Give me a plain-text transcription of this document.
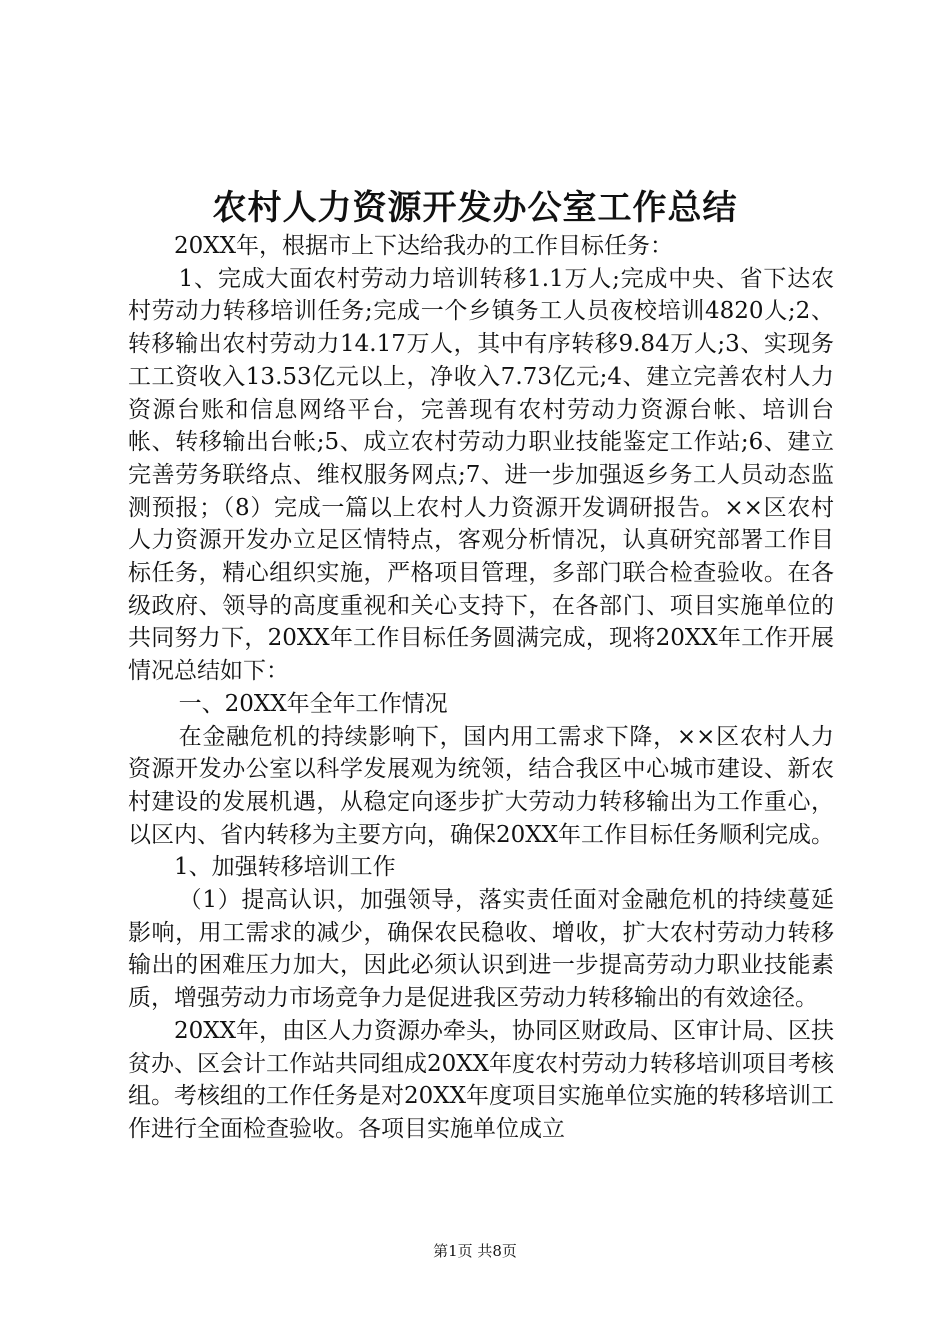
农村人力资源开发办公室工作总结

20XX年，根据市上下达给我办的工作目标任务：

1、完成大面农村劳动力培训转移1.1万人;完成中央、省下达农村劳动力转移培训任务;完成一个乡镇务工人员夜校培训4820人;2、转移输出农村劳动力14.17万人，其中有序转移9.84万人;3、实现务工工资收入13.53亿元以上，净收入7.73亿元;4、建立完善农村人力资源台账和信息网络平台，完善现有农村劳动力资源台帐、培训台帐、转移输出台帐;5、成立农村劳动力职业技能鉴定工作站;6、建立完善劳务联络点、维权服务网点;7、进一步加强返乡务工人员动态监测预报；（8）完成一篇以上农村人力资源开发调研报告。××区农村人力资源开发办立足区情特点，客观分析情况，认真研究部署工作目标任务，精心组织实施，严格项目管理，多部门联合检查验收。在各级政府、领导的高度重视和关心支持下，在各部门、项目实施单位的共同努力下，20XX年工作目标任务圆满完成，现将20XX年工作开展情况总结如下：

一、20XX年全年工作情况

在金融危机的持续影响下，国内用工需求下降，××区农村人力资源开发办公室以科学发展观为统领，结合我区中心城市建设、新农村建设的发展机遇，从稳定向逐步扩大劳动力转移输出为工作重心，以区内、省内转移为主要方向，确保20XX年工作目标任务顺利完成。

1、加强转移培训工作

（1）提高认识，加强领导，落实责任面对金融危机的持续蔓延影响，用工需求的减少，确保农民稳收、增收，扩大农村劳动力转移输出的困难压力加大，因此必须认识到进一步提高劳动力职业技能素质，增强劳动力市场竞争力是促进我区劳动力转移输出的有效途径。

20XX年，由区人力资源办牵头，协同区财政局、区审计局、区扶贫办、区会计工作站共同组成20XX年度农村劳动力转移培训项目考核组。考核组的工作任务是对20XX年度项目实施单位实施的转移培训工作进行全面检查验收。各项目实施单位成立

第1页 共8页
